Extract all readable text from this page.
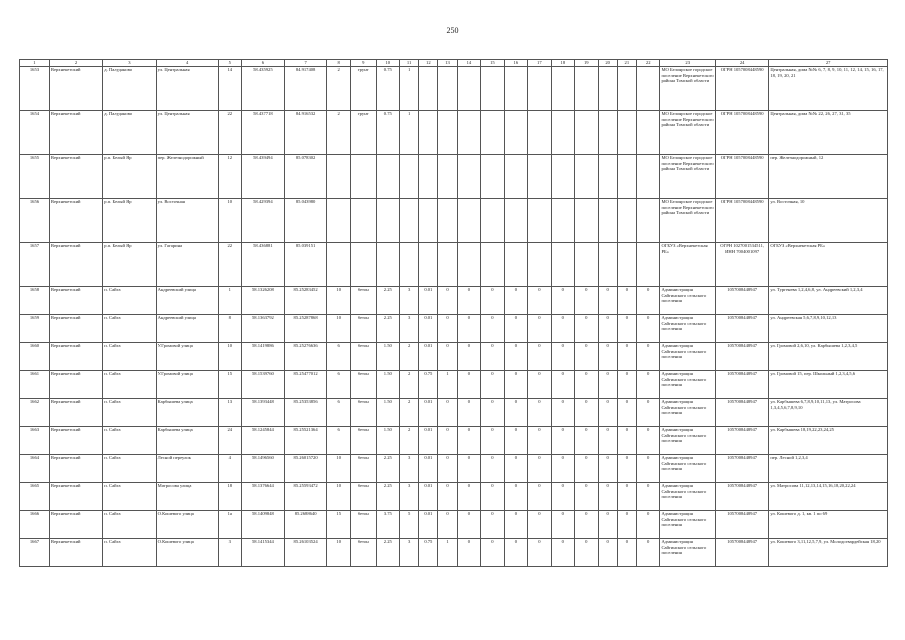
250
1	2	3	4	5	6	7	8	9	10	11	12	13	14	15	16	17	18	19	20	21	22	23	24	27
1653	Верхнекетский	д. Палуданово	ул. Центральная	14	58.435925	84.917408	2	грунт	0.75	1												МО Белоярское городское поселение Верхнекетского района Томской области	ОГРН 1057008448590	Центральная, дома №№ 6, 7, 8, 9, 10, 11, 12, 14, 15, 16, 17, 18, 19, 20, 21
1654	Верхнекетский	д. Палуданово	ул. Центральная	22	58.437718	84.916532	2	грунт	0.75	1												МО Белоярское городское поселение Верхнекетского района Томской области	ОГРН 1057008448590	Центральная, дома №№ 22, 26, 27, 31, 35
1655	Верхнекетский	р.п. Белый Яр	пер. Железнодорожный	12	58.439494	85.078302																МО Белоярское городское поселение Верхнекетского района Томской области	ОГРН 1057008448590	пер. Железнодорожный, 12
1656	Верхнекетский	р.п. Белый Яр	ул. Восточная	10	58.429394	85.043980																МО Белоярское городское поселение Верхнекетского района Томской области	ОГРН 1057008448590	ул. Восточная, 10
1657	Верхнекетский	р.п. Белый Яр	ул. Гагарина	22	58.436881	85.039151																ОГБУЗ «Верхнекетская РБ»	ОГРН 1027001534511, ИНН 7004001097	ОГБУЗ «Верхнекетская РБ»
1658	Верхнекетский	п. Сайга	Андреевский улица	1	58.1326208	85.25283452	10	бетон	2.25	3	0.01	0	0	0	0	0	0	0	0	0	0	Администрация Сайгинского сельского поселения	1057008448947	ул. Тургенева 1,2,4,6,8, ул. Андреевский 1,2,3,4
1659	Верхнекетский	п. Сайга	Андреевский улица	8	58.1363792	85.25287868	10	бетон	2.25	3	0.01	0	0	0	0	0	0	0	0	0	0	Администрация Сайгинского сельского поселения	1057008448947	ул. Андреевская 5,6,7,8,9,10,12,13
1660	Верхнекетский	п. Сайга	У.Громовой улица	10	58.1419886	85.25276636	6	бетон	1.50	2	0.01	0	0	0	0	0	0	0	0	0	0	Администрация Сайгинского сельского поселения	1057008448947	ул. Громовой 2,6,10, ул. Карбышева 1,2,3,4,5
1661	Верхнекетский	п. Сайга	У.Громовой улица	15	58.1539760	85.25477012	6	бетон	1.50	2	0.75	1	0	0	0	0	0	0	0	0	0	Администрация Сайгинского сельского поселения	1057008448947	ул. Громовой 15, пер. Школьный 1,2,3,4,5,6
1662	Верхнекетский	п. Сайга	Карбышева улица	13	58.1393448	85.25353856	6	бетон	1.50	2	0.01	0	0	0	0	0	0	0	0	0	0	Администрация Сайгинского сельского поселения	1057008448947	ул. Карбышева 6,7,8,9,10,11,13, ул. Матросова 1,3,4,5,6,7,8,9,10
1663	Верхнекетский	п. Сайга	Карбышева улица	24	58.1245844	85.25521364	6	бетон	1.50	2	0.01	0	0	0	0	0	0	0	0	0	0	Администрация Сайгинского сельского поселения	1057008448947	ул. Карбышева 18,19,22,23,24,25
1664	Верхнекетский	п. Сайга	Лесной переулок	4	58.1496560	85.26015720	10	бетон	2.25	3	0.01	0	0	0	0	0	0	0	0	0	0	Администрация Сайгинского сельского поселения	1057008448947	пер. Лесной 1,2,3,4
1665	Верхнекетский	п. Сайга	Матросова улица	18	58.1376644	85.25593472	10	бетон	2.25	3	0.01	0	0	0	0	0	0	0	0	0	0	Администрация Сайгинского сельского поселения	1057008448947	ул. Матросова 11,12,13,14,15,16,18,20,22,24
1666	Верхнекетский	п. Сайга	О.Кошевого улица	1а	58.1409848	85.2688640	15	бетон	3.75	5	0.01	0	0	0	0	0	0	0	0	0	0	Администрация Сайгинского сельского поселения	1057008448947	ул. Кошевого д. 1, кв. 1 по 69
1667	Верхнекетский	п. Сайга	О.Кошевого улица	3	58.1415344	85.26103524	10	бетон	2.25	3	0.75	1	0	0	0	0	0	0	0	0	0	Администрация Сайгинского сельского поселения	1057008448947	ул. Кошевого 3,11,12,5,7,9, ул. Молодогвардейская 18,20
